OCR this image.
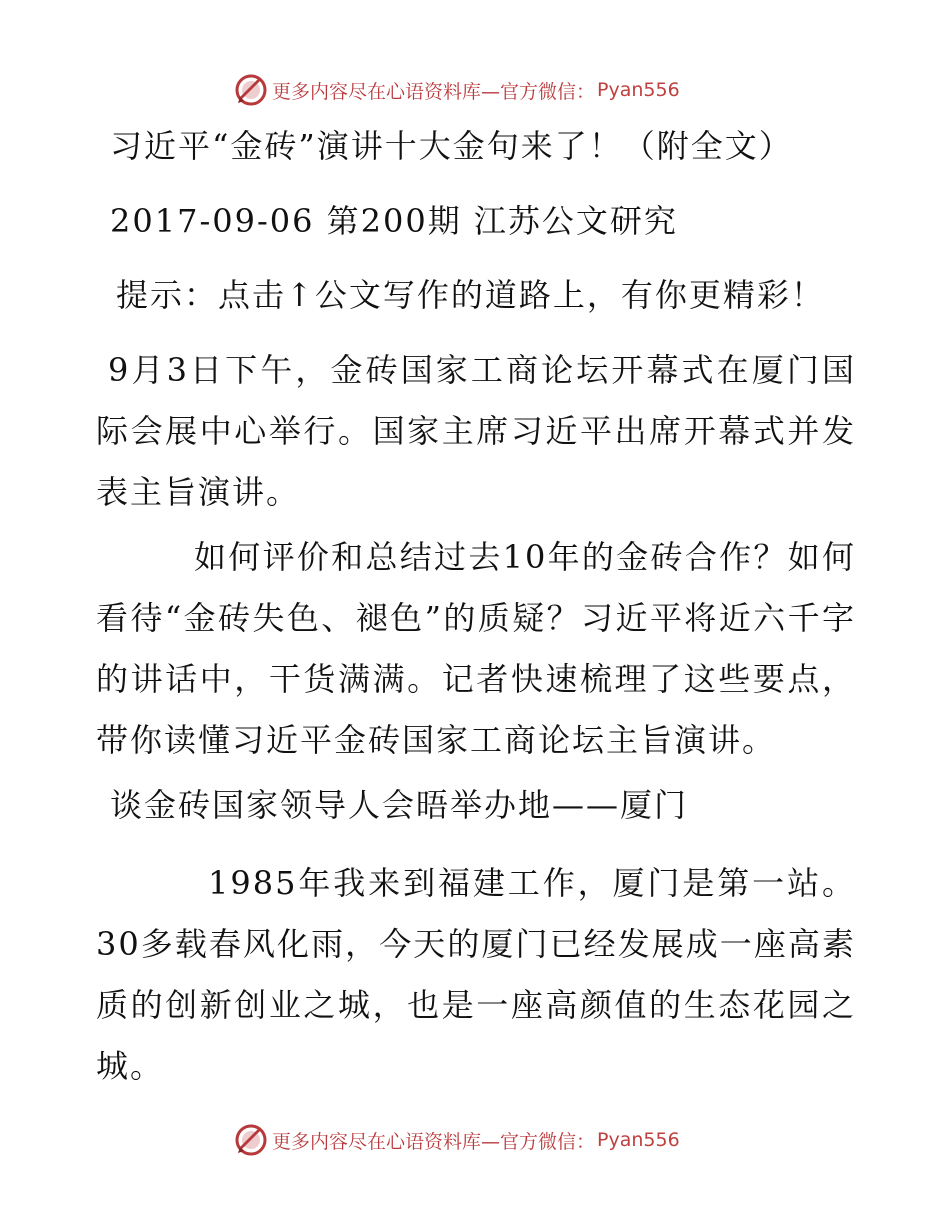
更多内容尽在心语资料库 —官方微信： Pyan556
习近平“金砖”演讲十大金句来了！（附全文）
2017-09-06 第200期 江苏公文研究
提示：点击↑公文写作的道路上，有你更精彩！
9月3日下午，金砖国家工商论坛开幕式在厦门国际会展中心举行。国家主席习近平出席开幕式并发表主旨演讲。
如何评价和总结过去10年的金砖合作？如何看待“金砖失色、褪色”的质疑？习近平将近六千字的讲话中，干货满满。记者快速梳理了这些要点，带你读懂习近平金砖国家工商论坛主旨演讲。
谈金砖国家领导人会晤举办地——厦门
1985年我来到福建工作，厦门是第一站。30多载春风化雨，今天的厦门已经发展成一座高素质的创新创业之城，也是一座高颜值的生态花园之城。
更多内容尽在心语资料库 —官方微信： Pyan556
